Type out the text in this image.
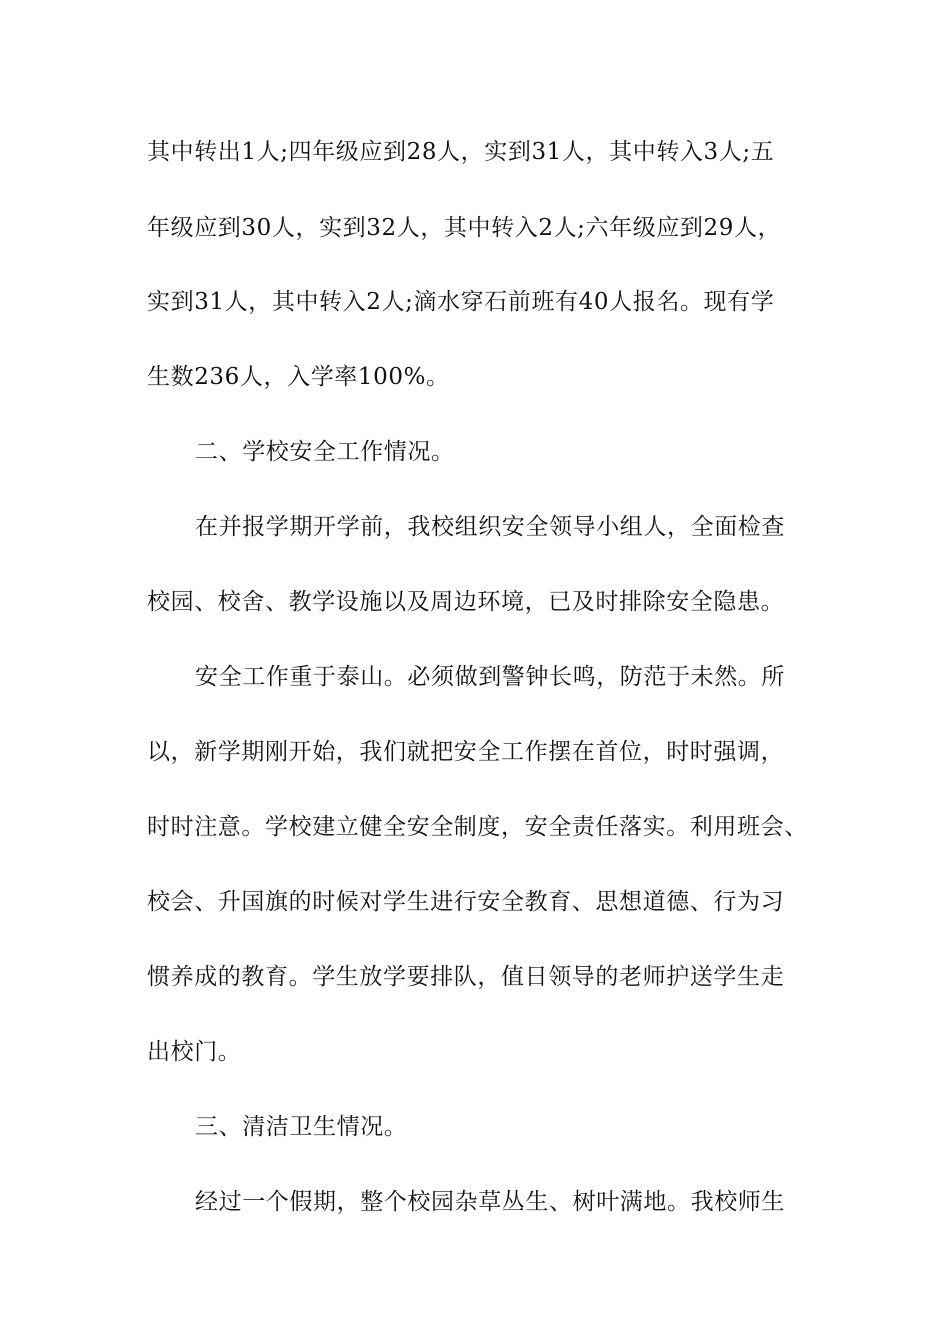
其中转出1人;四年级应到28人，实到31人，其中转入3人;五
年级应到30人，实到32人，其中转入2人;六年级应到29人，
实到31人，其中转入2人;滴水穿石前班有40人报名。现有学
生数236人，入学率100%。
二、学校安全工作情况。
在并报学期开学前，我校组织安全领导小组人，全面检查
校园、校舍、教学设施以及周边环境，已及时排除安全隐患。
安全工作重于泰山。必须做到警钟长鸣，防范于未然。所
以，新学期刚开始，我们就把安全工作摆在首位，时时强调，
时时注意。学校建立健全安全制度，安全责任落实。利用班会、
校会、升国旗的时候对学生进行安全教育、思想道德、行为习
惯养成的教育。学生放学要排队，值日领导的老师护送学生走
出校门。
三、清洁卫生情况。
经过一个假期，整个校园杂草丛生、树叶满地。我校师生
